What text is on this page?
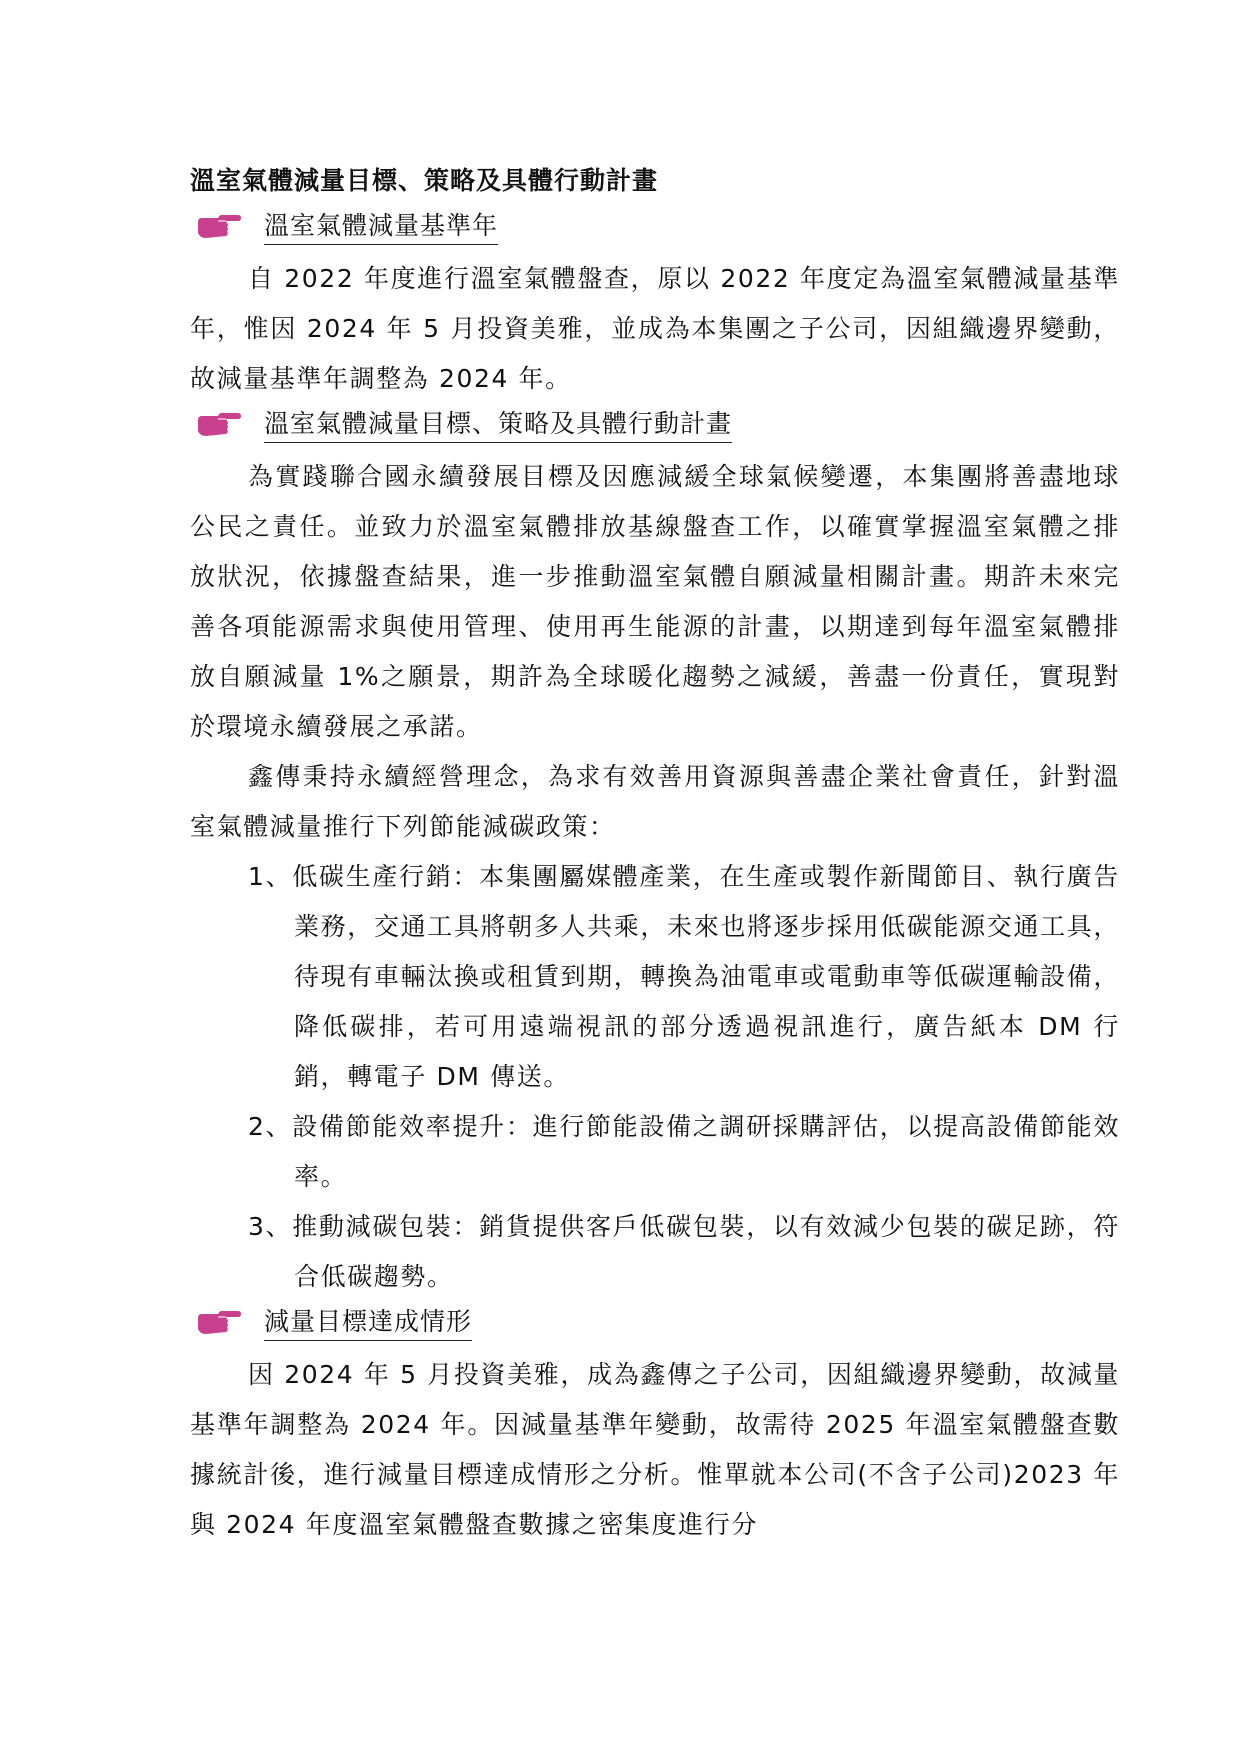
溫室氣體減量目標、策略及具體行動計畫
溫室氣體減量基準年

自 2022 年度進行溫室氣體盤查，原以 2022 年度定為溫室氣體減量基準年，惟因 2024 年 5 月投資美雅，並成為本集團之子公司，因組織邊界變動，故減量基準年調整為 2024 年。

溫室氣體減量目標、策略及具體行動計畫

為實踐聯合國永續發展目標及因應減緩全球氣候變遷，本集團將善盡地球公民之責任。並致力於溫室氣體排放基線盤查工作，以確實掌握溫室氣體之排放狀況，依據盤查結果，進一步推動溫室氣體自願減量相關計畫。期許未來完善各項能源需求與使用管理、使用再生能源的計畫，以期達到每年溫室氣體排放自願減量 1%之願景，期許為全球暖化趨勢之減緩，善盡一份責任，實現對於環境永續發展之承諾。

鑫傳秉持永續經營理念，為求有效善用資源與善盡企業社會責任，針對溫室氣體減量推行下列節能減碳政策：

1、低碳生產行銷：本集團屬媒體產業，在生產或製作新聞節目、執行廣告業務，交通工具將朝多人共乘，未來也將逐步採用低碳能源交通工具，待現有車輛汰換或租賃到期，轉換為油電車或電動車等低碳運輸設備，降低碳排，若可用遠端視訊的部分透過視訊進行，廣告紙本 DM 行銷，轉電子 DM 傳送。
2、設備節能效率提升：進行節能設備之調研採購評估，以提高設備節能效率。
3、推動減碳包裝：銷貨提供客戶低碳包裝，以有效減少包裝的碳足跡，符合低碳趨勢。
減量目標達成情形

因 2024 年 5 月投資美雅，成為鑫傳之子公司，因組織邊界變動，故減量基準年調整為 2024 年。因減量基準年變動，故需待 2025 年溫室氣體盤查數據統計後，進行減量目標達成情形之分析。惟單就本公司(不含子公司)2023 年與 2024 年度溫室氣體盤查數據之密集度進行分
